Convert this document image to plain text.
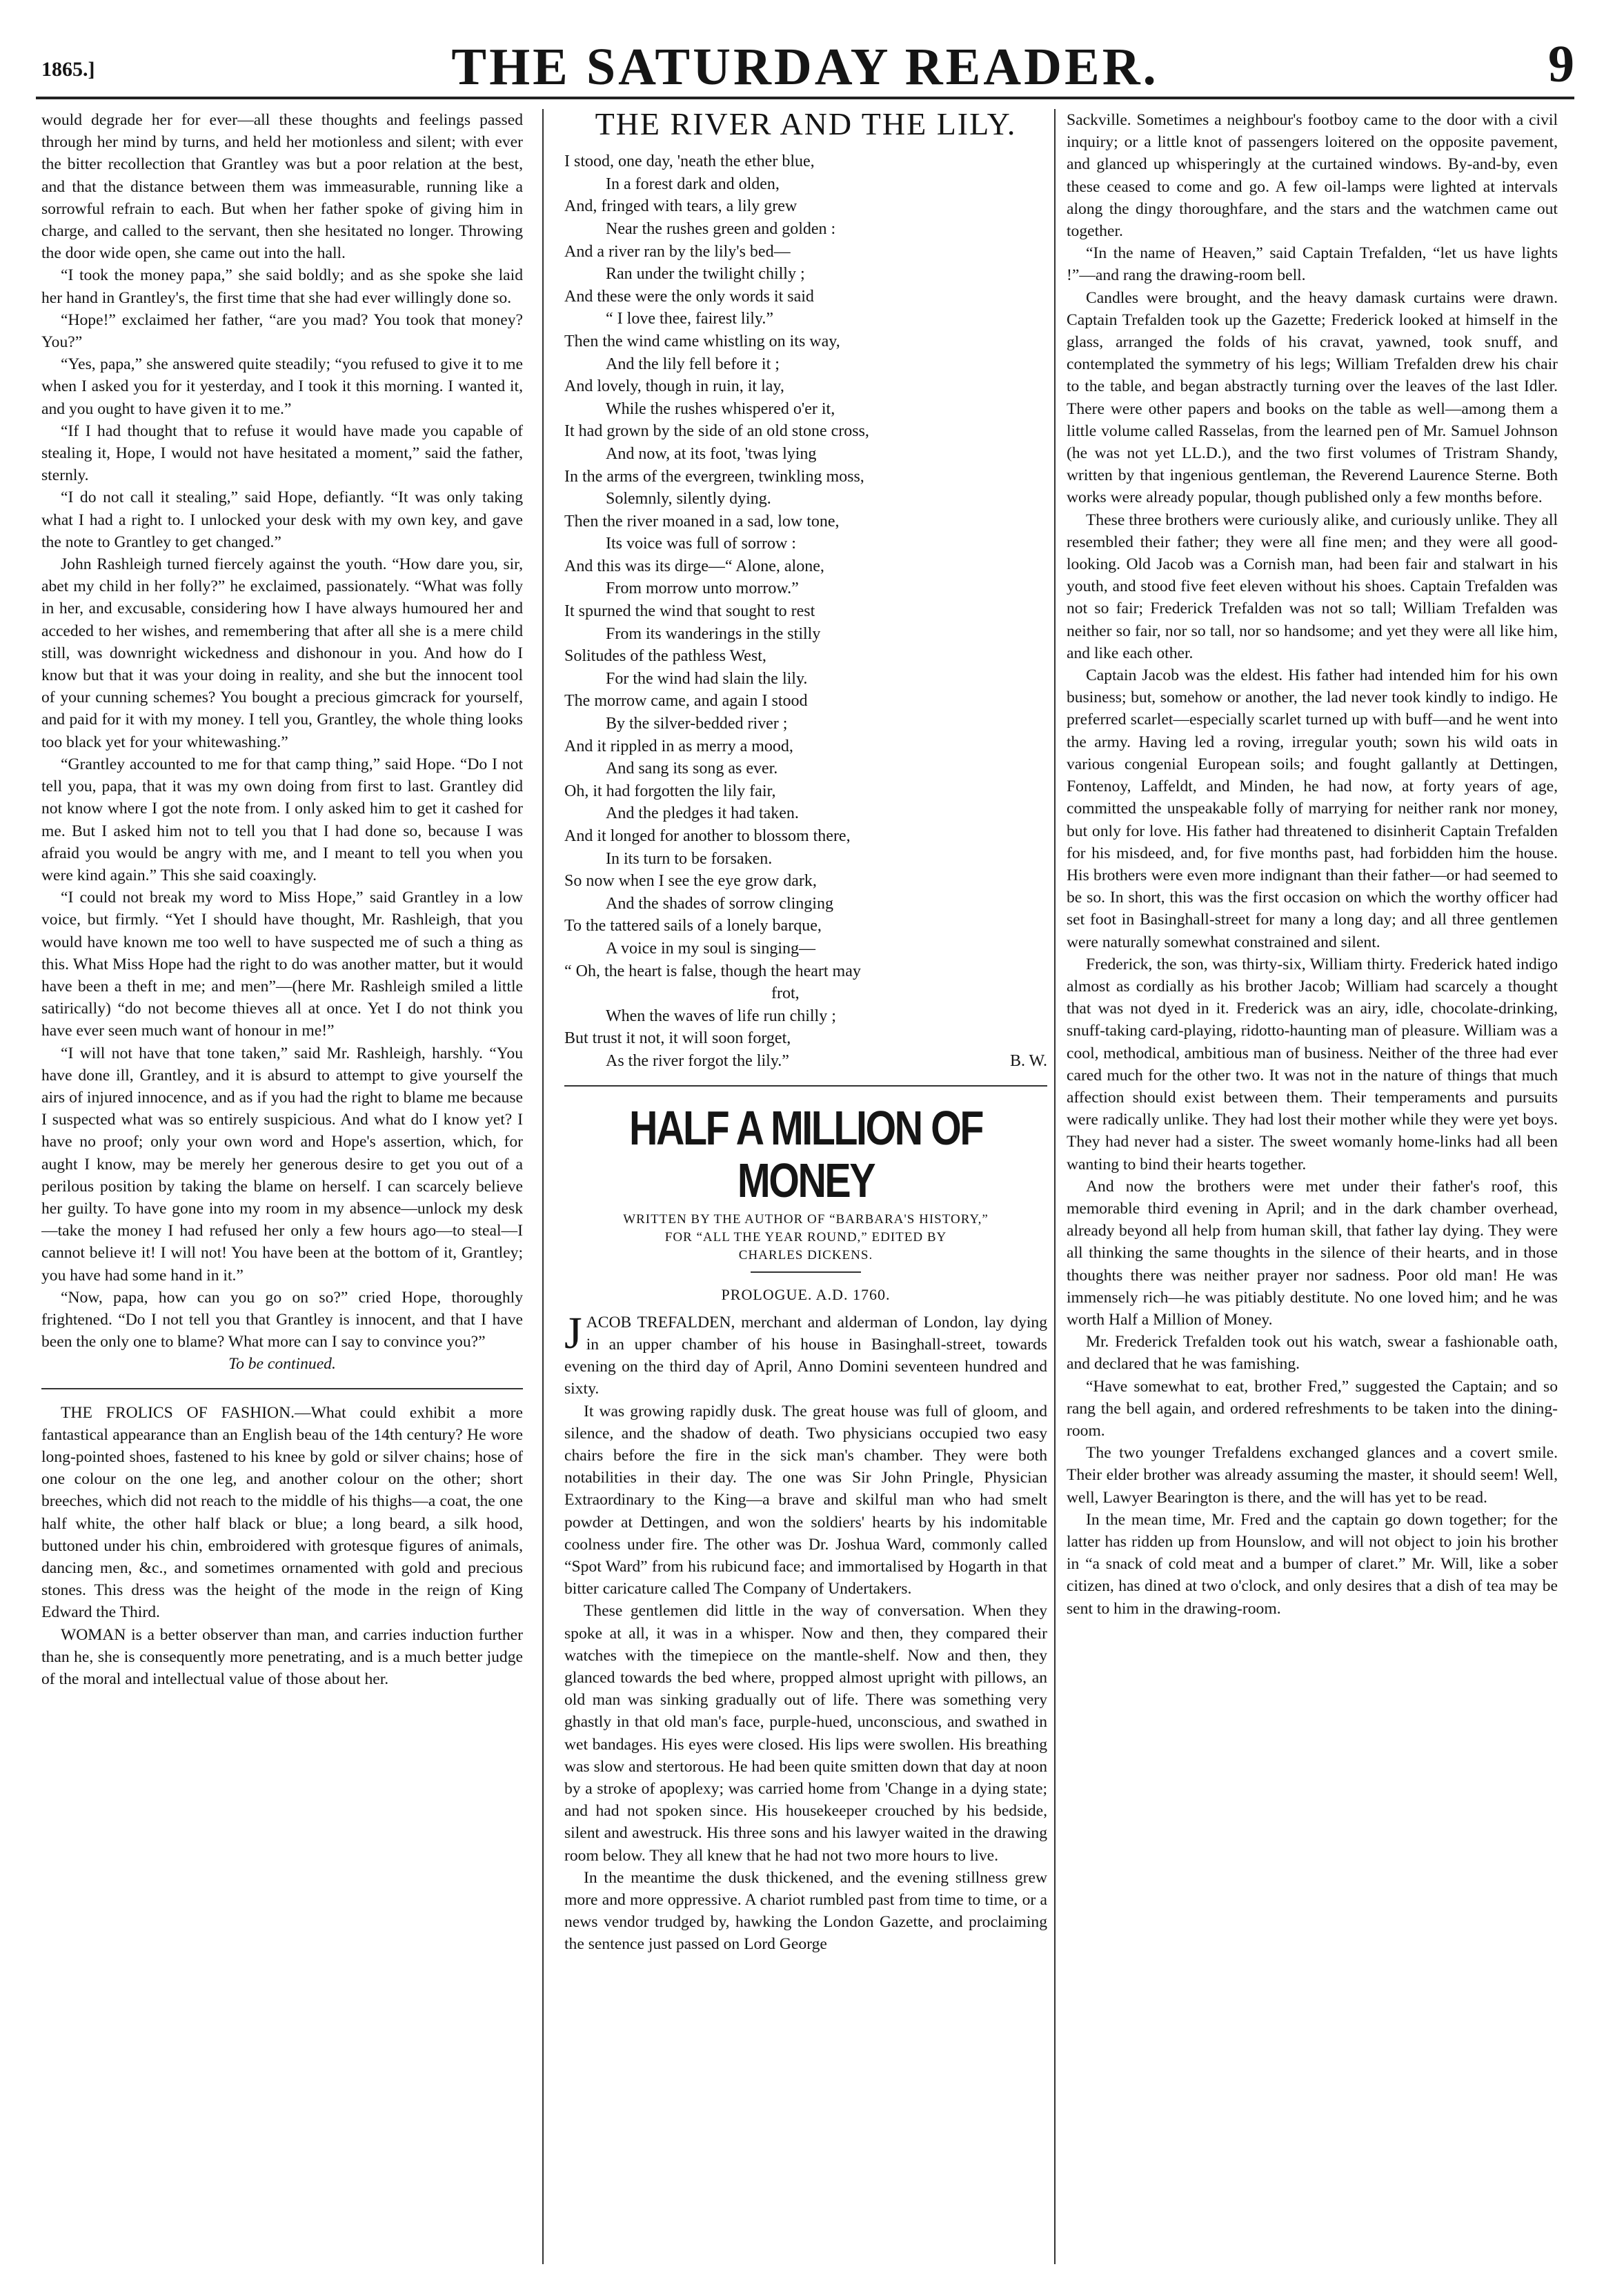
1865.]	THE SATURDAY READER.	9

would degrade her for ever—all these thoughts and feelings passed through her mind by turns, and held her motionless and silent; with ever the bitter recollection that Grantley was but a poor relation at the best, and that the distance between them was immeasurable, running like a sorrowful refrain to each. But when her father spoke of giving him in charge, and called to the servant, then she hesitated no longer. Throwing the door wide open, she came out into the hall.

“I took the money papa,” she said boldly; and as she spoke she laid her hand in Grantley's, the first time that she had ever willingly done so.

“Hope!” exclaimed her father, “are you mad? You took that money? You?”

“Yes, papa,” she answered quite steadily; “you refused to give it to me when I asked you for it yesterday, and I took it this morning. I wanted it, and you ought to have given it to me.”

“If I had thought that to refuse it would have made you capable of stealing it, Hope, I would not have hesitated a moment,” said the father, sternly.

“I do not call it stealing,” said Hope, defiantly. “It was only taking what I had a right to. I unlocked your desk with my own key, and gave the note to Grantley to get changed.”

John Rashleigh turned fiercely against the youth. “How dare you, sir, abet my child in her folly?” he exclaimed, passionately. “What was folly in her, and excusable, considering how I have always humoured her and acceded to her wishes, and remembering that after all she is a mere child still, was downright wickedness and dishonour in you. And how do I know but that it was your doing in reality, and she but the innocent tool of your cunning schemes? You bought a precious gimcrack for yourself, and paid for it with my money. I tell you, Grantley, the whole thing looks too black yet for your whitewashing.”

“Grantley accounted to me for that camp thing,” said Hope. “Do I not tell you, papa, that it was my own doing from first to last. Grantley did not know where I got the note from. I only asked him to get it cashed for me. But I asked him not to tell you that I had done so, because I was afraid you would be angry with me, and I meant to tell you when you were kind again.” This she said coaxingly.

“I could not break my word to Miss Hope,” said Grantley in a low voice, but firmly. “Yet I should have thought, Mr. Rashleigh, that you would have known me too well to have suspected me of such a thing as this. What Miss Hope had the right to do was another matter, but it would have been a theft in me; and men”—(here Mr. Rashleigh smiled a little satirically) “do not become thieves all at once. Yet I do not think you have ever seen much want of honour in me!”

“I will not have that tone taken,” said Mr. Rashleigh, harshly. “You have done ill, Grantley, and it is absurd to attempt to give yourself the airs of injured innocence, and as if you had the right to blame me because I suspected what was so entirely suspicious. And what do I know yet? I have no proof; only your own word and Hope's assertion, which, for aught I know, may be merely her generous desire to get you out of a perilous position by taking the blame on herself. I can scarcely believe her guilty. To have gone into my room in my absence—unlock my desk—take the money I had refused her only a few hours ago—to steal—I cannot believe it! I will not! You have been at the bottom of it, Grantley; you have had some hand in it.”

“Now, papa, how can you go on so?” cried Hope, thoroughly frightened. “Do I not tell you that Grantley is innocent, and that I have been the only one to blame? What more can I say to convince you?”

To be continued.

THE FROLICS OF FASHION.—What could exhibit a more fantastical appearance than an English beau of the 14th century? He wore long-pointed shoes, fastened to his knee by gold or silver chains; hose of one colour on the one leg, and another colour on the other; short breeches, which did not reach to the middle of his thighs—a coat, the one half white, the other half black or blue; a long beard, a silk hood, buttoned under his chin, embroidered with grotesque figures of animals, dancing men, &c., and sometimes ornamented with gold and precious stones. This dress was the height of the mode in the reign of King Edward the Third.

WOMAN is a better observer than man, and carries induction further than he, she is consequently more penetrating, and is a much better judge of the moral and intellectual value of those about her.

THE RIVER AND THE LILY.
I stood, one day, 'neath the ether blue,
In a forest dark and olden,
And, fringed with tears, a lily grew
Near the rushes green and golden :
And a river ran by the lily's bed—
Ran under the twilight chilly ;
And these were the only words it said
“ I love thee, fairest lily.”
Then the wind came whistling on its way,
And the lily fell before it ;
And lovely, though in ruin, it lay,
While the rushes whispered o'er it,
It had grown by the side of an old stone cross,
And now, at its foot, 'twas lying
In the arms of the evergreen, twinkling moss,
Solemnly, silently dying.
Then the river moaned in a sad, low tone,
Its voice was full of sorrow :
And this was its dirge—“ Alone, alone,
From morrow unto morrow.”
It spurned the wind that sought to rest
From its wanderings in the stilly
Solitudes of the pathless West,
For the wind had slain the lily.
The morrow came, and again I stood
By the silver-bedded river ;
And it rippled in as merry a mood,
And sang its song as ever.
Oh, it had forgotten the lily fair,
And the pledges it had taken.
And it longed for another to blossom there,
In its turn to be forsaken.
So now when I see the eye grow dark,
And the shades of sorrow clinging
To the tattered sails of a lonely barque,
A voice in my soul is singing—
“ Oh, the heart is false, though the heart may
frot,
When the waves of life run chilly ;
But trust it not, it will soon forget,
As the river forgot the lily.”	B. W.
HALF A MILLION OF MONEY
WRITTEN BY THE AUTHOR OF “BARBARA'S HISTORY,”
FOR “ALL THE YEAR ROUND,” EDITED BY
CHARLES DICKENS.
PROLOGUE. A.D. 1760.

JACOB TREFALDEN, merchant and alderman of London, lay dying in an upper chamber of his house in Basinghall-street, towards evening on the third day of April, Anno Domini seventeen hundred and sixty.

It was growing rapidly dusk. The great house was full of gloom, and silence, and the shadow of death. Two physicians occupied two easy chairs before the fire in the sick man's chamber. They were both notabilities in their day. The one was Sir John Pringle, Physician Extraordinary to the King—a brave and skilful man who had smelt powder at Dettingen, and won the soldiers' hearts by his indomitable coolness under fire. The other was Dr. Joshua Ward, commonly called “Spot Ward” from his rubicund face; and immortalised by Hogarth in that bitter caricature called The Company of Undertakers.

These gentlemen did little in the way of conversation. When they spoke at all, it was in a whisper. Now and then, they compared their watches with the timepiece on the mantle-shelf. Now and then, they glanced towards the bed where, propped almost upright with pillows, an old man was sinking gradually out of life. There was something very ghastly in that old man's face, purple-hued, unconscious, and swathed in wet bandages. His eyes were closed. His lips were swollen. His breathing was slow and stertorous. He had been quite smitten down that day at noon by a stroke of apoplexy; was carried home from 'Change in a dying state; and had not spoken since. His housekeeper crouched by his bedside, silent and awestruck. His three sons and his lawyer waited in the drawing room below. They all knew that he had not two more hours to live.

In the meantime the dusk thickened, and the evening stillness grew more and more oppressive. A chariot rumbled past from time to time, or a news vendor trudged by, hawking the London Gazette, and proclaiming the sentence just passed on Lord George

Sackville. Sometimes a neighbour's footboy came to the door with a civil inquiry; or a little knot of passengers loitered on the opposite pavement, and glanced up whisperingly at the curtained windows. By-and-by, even these ceased to come and go. A few oil-lamps were lighted at intervals along the dingy thoroughfare, and the stars and the watchmen came out together.

“In the name of Heaven,” said Captain Trefalden, “let us have lights !”—and rang the drawing-room bell.

Candles were brought, and the heavy damask curtains were drawn. Captain Trefalden took up the Gazette; Frederick looked at himself in the glass, arranged the folds of his cravat, yawned, took snuff, and contemplated the symmetry of his legs; William Trefalden drew his chair to the table, and began abstractly turning over the leaves of the last Idler. There were other papers and books on the table as well—among them a little volume called Rasselas, from the learned pen of Mr. Samuel Johnson (he was not yet LL.D.), and the two first volumes of Tristram Shandy, written by that ingenious gentleman, the Reverend Laurence Sterne. Both works were already popular, though published only a few months before.

These three brothers were curiously alike, and curiously unlike. They all resembled their father; they were all fine men; and they were all good-looking. Old Jacob was a Cornish man, had been fair and stalwart in his youth, and stood five feet eleven without his shoes. Captain Trefalden was not so fair; Frederick Trefalden was not so tall; William Trefalden was neither so fair, nor so tall, nor so handsome; and yet they were all like him, and like each other.

Captain Jacob was the eldest. His father had intended him for his own business; but, somehow or another, the lad never took kindly to indigo. He preferred scarlet—especially scarlet turned up with buff—and he went into the army. Having led a roving, irregular youth; sown his wild oats in various congenial European soils; and fought gallantly at Dettingen, Fontenoy, Laffeldt, and Minden, he had now, at forty years of age, committed the unspeakable folly of marrying for neither rank nor money, but only for love. His father had threatened to disinherit Captain Trefalden for his misdeed, and, for five months past, had forbidden him the house. His brothers were even more indignant than their father—or had seemed to be so. In short, this was the first occasion on which the worthy officer had set foot in Basinghall-street for many a long day; and all three gentlemen were naturally somewhat constrained and silent.

Frederick, the son, was thirty-six, William thirty. Frederick hated indigo almost as cordially as his brother Jacob; William had scarcely a thought that was not dyed in it. Frederick was an airy, idle, chocolate-drinking, snuff-taking card-playing, ridotto-haunting man of pleasure. William was a cool, methodical, ambitious man of business. Neither of the three had ever cared much for the other two. It was not in the nature of things that much affection should exist between them. Their temperaments and pursuits were radically unlike. They had lost their mother while they were yet boys. They had never had a sister. The sweet womanly home-links had all been wanting to bind their hearts together.

And now the brothers were met under their father's roof, this memorable third evening in April; and in the dark chamber overhead, already beyond all help from human skill, that father lay dying. They were all thinking the same thoughts in the silence of their hearts, and in those thoughts there was neither prayer nor sadness. Poor old man! He was immensely rich—he was pitiably destitute. No one loved him; and he was worth Half a Million of Money.

Mr. Frederick Trefalden took out his watch, swear a fashionable oath, and declared that he was famishing.

“Have somewhat to eat, brother Fred,” suggested the Captain; and so rang the bell again, and ordered refreshments to be taken into the dining-room.

The two younger Trefaldens exchanged glances and a covert smile. Their elder brother was already assuming the master, it should seem! Well, well, Lawyer Bearington is there, and the will has yet to be read.

In the mean time, Mr. Fred and the captain go down together; for the latter has ridden up from Hounslow, and will not object to join his brother in “a snack of cold meat and a bumper of claret.” Mr. Will, like a sober citizen, has dined at two o'clock, and only desires that a dish of tea may be sent to him in the drawing-room.
